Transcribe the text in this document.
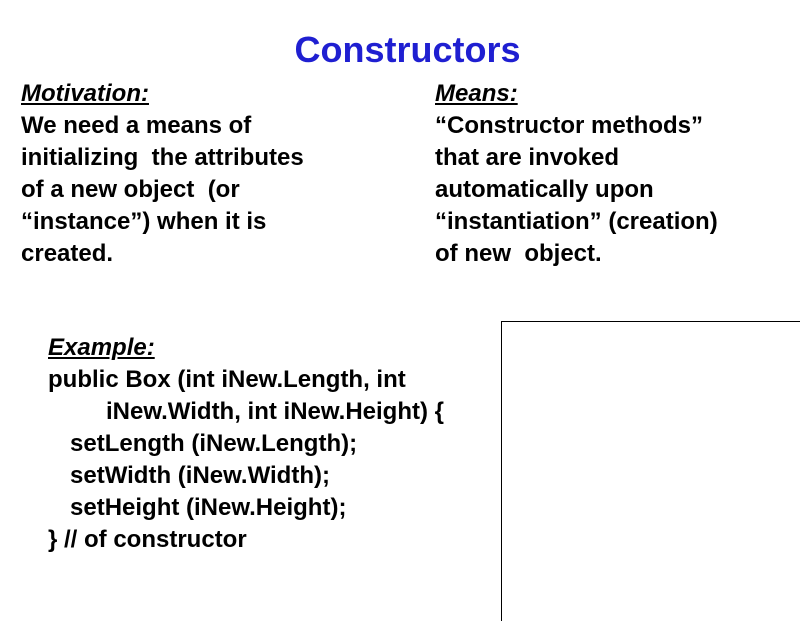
Constructors
Motivation:
We need a means of
initializing  the attributes
of a new object  (or
“instance”) when it is
created.
Means:
“Constructor methods”
that are invoked
automatically upon
“instantiation” (creation)
of new  object.
Example:
public Box (int iNew.Length, int
iNew.Width, int iNew.Height) {
setLength (iNew.Length);
setWidth (iNew.Width);
setHeight (iNew.Height);
} // of constructor
